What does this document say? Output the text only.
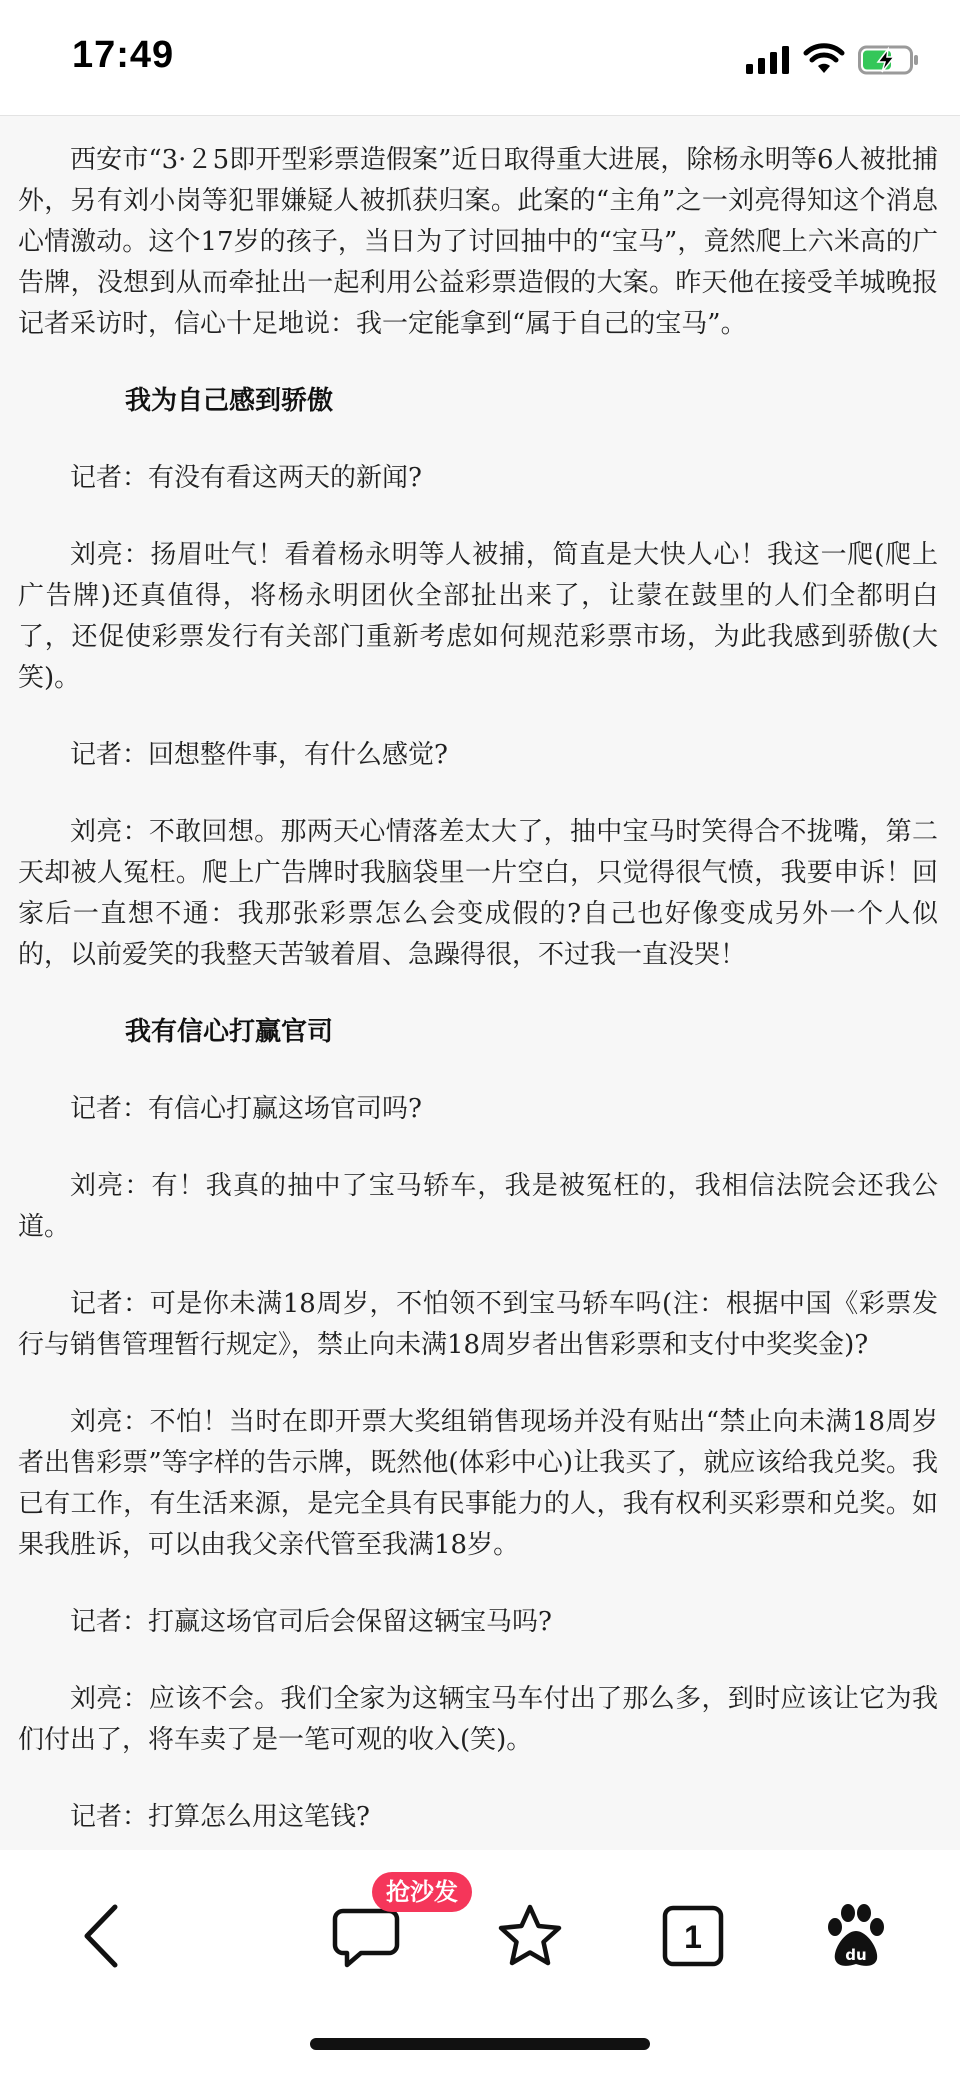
17:49

西安市“3·２5即开型彩票造假案”近日取得重大进展，除杨永明等6人被批捕外，另有刘小岗等犯罪嫌疑人被抓获归案。此案的“主角”之一刘亮得知这个消息心情激动。这个17岁的孩子，当日为了讨回抽中的“宝马”，竟然爬上六米高的广告牌，没想到从而牵扯出一起利用公益彩票造假的大案。昨天他在接受羊城晚报记者采访时，信心十足地说：我一定能拿到“属于自己的宝马”。

我为自己感到骄傲

记者：有没有看这两天的新闻?

刘亮：扬眉吐气！看着杨永明等人被捕，简直是大快人心！我这一爬(爬上广告牌)还真值得，将杨永明团伙全部扯出来了，让蒙在鼓里的人们全都明白了，还促使彩票发行有关部门重新考虑如何规范彩票市场，为此我感到骄傲(大笑)。

记者：回想整件事，有什么感觉?

刘亮：不敢回想。那两天心情落差太大了，抽中宝马时笑得合不拢嘴，第二天却被人冤枉。爬上广告牌时我脑袋里一片空白，只觉得很气愤，我要申诉！回家后一直想不通：我那张彩票怎么会变成假的?自己也好像变成另外一个人似的，以前爱笑的我整天苦皱着眉、急躁得很，不过我一直没哭！

我有信心打赢官司

记者：有信心打赢这场官司吗?

刘亮：有！我真的抽中了宝马轿车，我是被冤枉的，我相信法院会还我公道。

记者：可是你未满18周岁，不怕领不到宝马轿车吗(注：根据中国《彩票发行与销售管理暂行规定》，禁止向未满18周岁者出售彩票和支付中奖奖金)?

刘亮：不怕！当时在即开票大奖组销售现场并没有贴出“禁止向未满18周岁者出售彩票”等字样的告示牌，既然他(体彩中心)让我买了，就应该给我兑奖。我已有工作，有生活来源，是完全具有民事能力的人，我有权利买彩票和兑奖。如果我胜诉，可以由我父亲代管至我满18岁。

记者：打赢这场官司后会保留这辆宝马吗?

刘亮：应该不会。我们全家为这辆宝马车付出了那么多，到时应该让它为我们付出了，将车卖了是一笔可观的收入(笑)。

记者：打算怎么用这笔钱?

抢沙发
1	du
